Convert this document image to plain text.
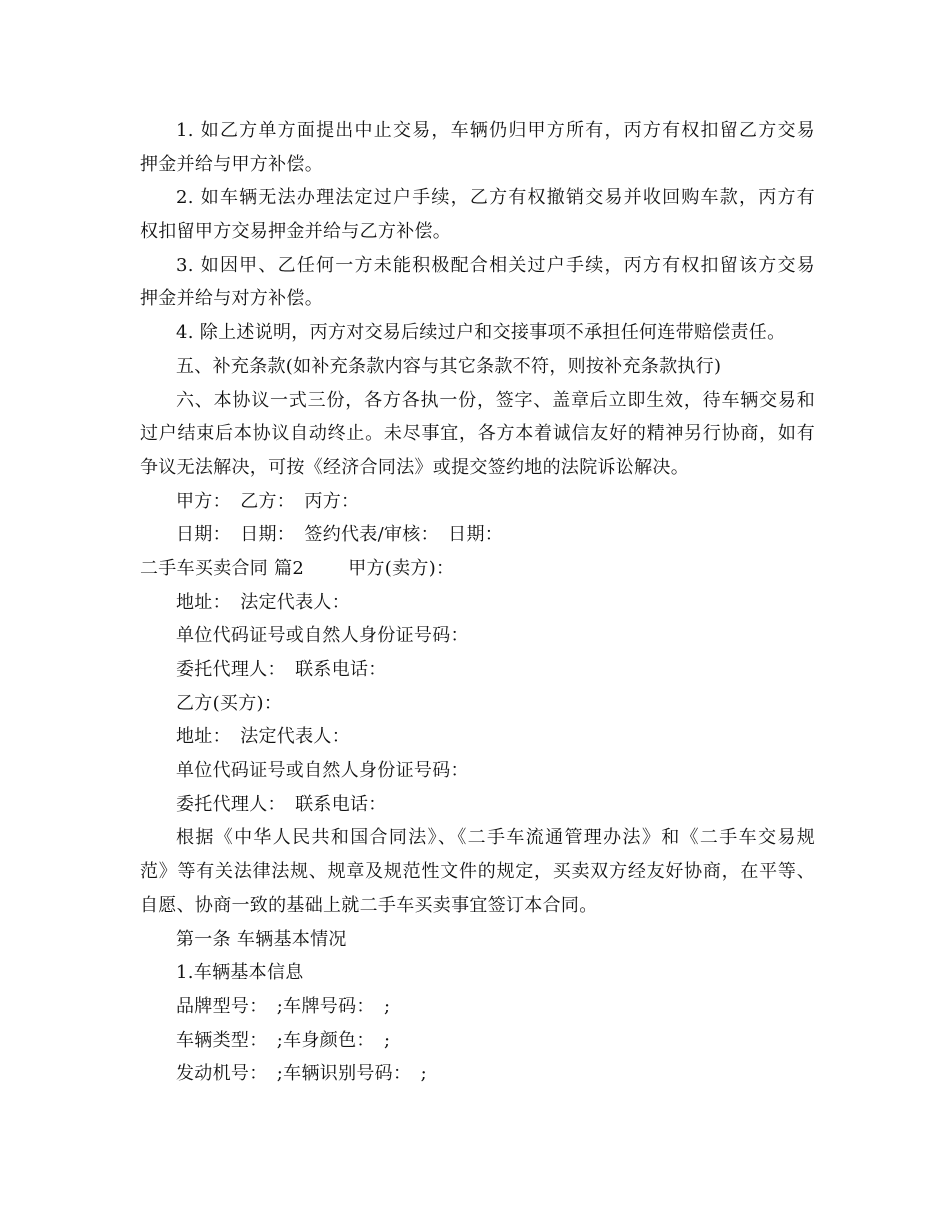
1. 如乙方单方面提出中止交易，车辆仍归甲方所有，丙方有权扣留乙方交易
押金并给与甲方补偿。
2. 如车辆无法办理法定过户手续，乙方有权撤销交易并收回购车款，丙方有
权扣留甲方交易押金并给与乙方补偿。
3. 如因甲、乙任何一方未能积极配合相关过户手续，丙方有权扣留该方交易
押金并给与对方补偿。
4. 除上述说明，丙方对交易后续过户和交接事项不承担任何连带赔偿责任。
五、补充条款(如补充条款内容与其它条款不符，则按补充条款执行)
六、本协议一式三份，各方各执一份，签字、盖章后立即生效，待车辆交易和
过户结束后本协议自动终止。未尽事宜，各方本着诚信友好的精神另行协商，如有
争议无法解决，可按《经济合同法》或提交签约地的法院诉讼解决。
甲方：　乙方：　丙方：
日期：　日期：　签约代表/审核：　日期：
二手车买卖合同 篇2 甲方(卖方)：
地址：　法定代表人：
单位代码证号或自然人身份证号码：
委托代理人：　联系电话：
乙方(买方)：
地址：　法定代表人：
单位代码证号或自然人身份证号码：
委托代理人：　联系电话：
根据《中华人民共和国合同法》、《二手车流通管理办法》和《二手车交易规
范》等有关法律法规、规章及规范性文件的规定，买卖双方经友好协商，在平等、
自愿、协商一致的基础上就二手车买卖事宜签订本合同。
第一条 车辆基本情况
1.车辆基本信息
品牌型号：　;车牌号码：　;
车辆类型：　;车身颜色：　;
发动机号：　;车辆识别号码：　;
